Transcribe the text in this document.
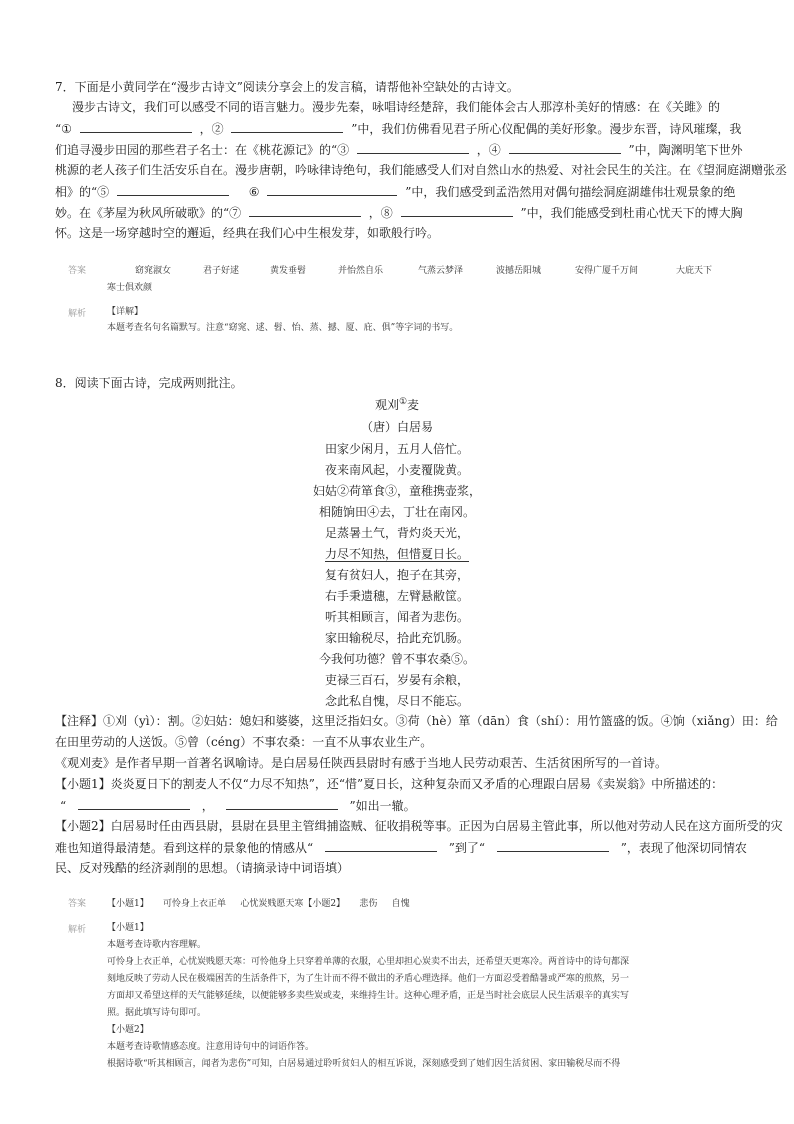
7．下面是小黄同学在“漫步古诗文”阅读分享会上的发言稿，请帮他补空缺处的古诗文。
漫步古诗文，我们可以感受不同的语言魅力。漫步先秦，咏唱诗经楚辞，我们能体会古人那淳朴美好的情感：在《关雎》的
“①	，②	”中，我们仿佛看见君子所心仪配偶的美好形象。漫步东晋，诗风璀璨，我
们追寻漫步田园的那些君子名士：在《桃花源记》的“③	，④	”中，陶渊明笔下世外
桃源的老人孩子们生活安乐自在。漫步唐朝，吟咏律诗绝句，我们能感受人们对自然山水的热爱、对社会民生的关注。在《望洞庭湖赠张丞
相》的“⑤	⑥	”中，我们感受到孟浩然用对偶句描绘洞庭湖雄伟壮观景象的绝
妙。在《茅屋为秋风所破歌》的“⑦	，⑧	”中，我们能感受到杜甫心忧天下的博大胸
怀。这是一场穿越时空的邂逅，经典在我们心中生根发芽，如歌般行吟。
答案	窈窕淑女	君子好逑	黄发垂髫	并怡然自乐	气蒸云梦泽	波撼岳阳城	安得广厦千万间	大庇天下
寒士俱欢颜
解析 【详解】
本题考查名句名篇默写。注意“窈窕、逑、髫、怡、蒸、撼、厦、庇、俱”等字词的书写。
8．阅读下面古诗，完成两则批注。
观刈①麦
（唐）白居易
田家少闲月，五月人倍忙。
夜来南风起，小麦覆陇黄。
妇姑②荷箪食③，童稚携壶浆，
相随饷田④去，丁壮在南冈。
足蒸暑土气，背灼炎天光，
力尽不知热，但惜夏日长。
复有贫妇人，抱子在其旁，
右手秉遗穗，左臂悬敝筐。
听其相顾言，闻者为悲伤。
家田输税尽，拾此充饥肠。
今我何功德？曾不事农桑⑤。
吏禄三百石，岁晏有余粮，
念此私自愧，尽日不能忘。
【注释】①刈（yì）：割。②妇姑：媳妇和婆婆，这里泛指妇女。③荷（hè）箪（dān）食（shí）：用竹篮盛的饭。④饷（xiǎng）田：给
在田里劳动的人送饭。⑤曾（céng）不事农桑：一直不从事农业生产。
《观刈麦》是作者早期一首著名讽喻诗。是白居易任陕西县尉时有感于当地人民劳动艰苦、生活贫困所写的一首诗。
【小题1】炎炎夏日下的割麦人不仅“力尽不知热”，还“惜”夏日长，这种复杂而又矛盾的心理跟白居易《卖炭翁》中所描述的：
“	，	”如出一辙。
【小题2】白居易时任由西县尉，县尉在县里主管缉捕盗贼、征收捐税等事。正因为白居易主管此事，所以他对劳动人民在这方面所受的灾
难也知道得最清楚。看到这样的景象他的情感从“	”到了“	”，表现了他深切同情农
民、反对残酷的经济剥削的思想。（请摘录诗中词语填）
答案 【小题1】     可怜身上衣正单     心忧炭贱愿天寒【小题2】     悲伤     自愧
解析 【小题1】
本题考查诗歌内容理解。
可怜身上衣正单，心忧炭贱愿天寒：可怜他身上只穿着单薄的衣服，心里却担心炭卖不出去，还希望天更寒冷。两首诗中的诗句都深
刻地反映了劳动人民在极端困苦的生活条件下，为了生计而不得不做出的矛盾心理选择。他们一方面忍受着酷暑或严寒的煎熬，另一
方面却又希望这样的天气能够延续，以便能够多卖些炭或麦，来维持生计。这种心理矛盾，正是当时社会底层人民生活艰辛的真实写
照。据此填写诗句即可。
【小题2】
本题考查诗歌情感态度。注意用诗句中的词语作答。
根据诗歌“听其相顾言，闻者为悲伤”可知，白居易通过聆听贫妇人的相互诉说，深刻感受到了她们因生活贫困、家田输税尽而不得
